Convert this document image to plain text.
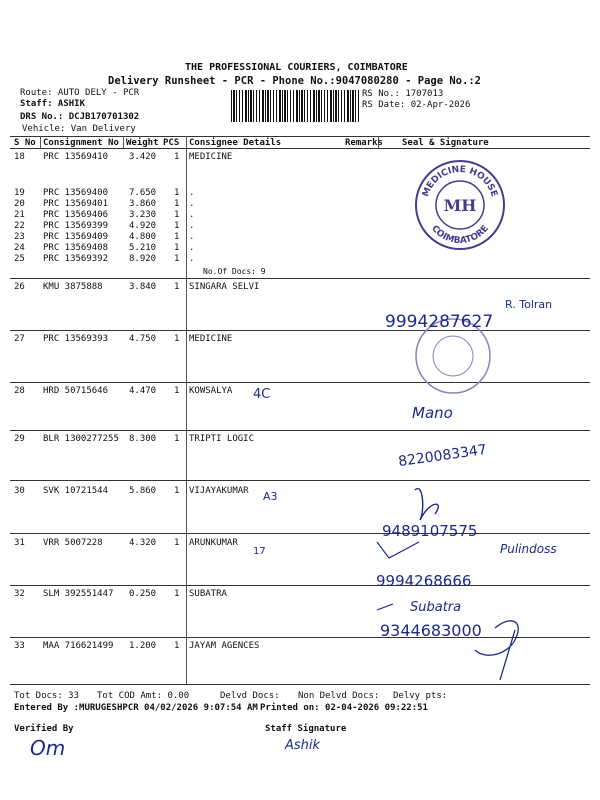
THE PROFESSIONAL COURIERS, COIMBATORE
Delivery Runsheet - PCR - Phone No.:9047080280 - Page No.:2
Route: AUTO DELY - PCR
Staff: ASHIK
DRS No.: DCJB170701302
Vehicle: Van Delivery
RS No.: 1707013
RS Date: 02-Apr-2026
S No Consignment No Weight PCS Consignee Details	Remarks Seal & Signature
18 PRC 13569410 3.420 1 MEDICINE
19 PRC 13569400 7.650 1 .
20 PRC 13569401 3.860 1 .
21 PRC 13569406 3.230 1 .
22 PRC 13569399 4.920 1 .
23 PRC 13569409 4.800 1 .
24 PRC 13569408 5.210 1 .
25 PRC 13569392 8.920 1 .
26 KMU 3875888	3.840 1 SINGARA SELVI
27 PRC 13569393 4.750 1 MEDICINE
28 HRD 50715646 4.470 1 KOWSALYA
29 BLR 1300277255 8.300 1 TRIPTI LOGIC
30 SVK 10721544 5.860 1 VIJAYAKUMAR
31 VRR 5007228	4.320 1 ARUNKUMAR
32 SLM 392551447 0.250 1 SUBATRA
33 MAA 716621499 1.200 1 JAYAM AGENCES
No.Of Docs: 9
MEDICINE HOUSE
COIMBATORE
MH
9994287627
R. Tolran
4C
Mano
8220083347
A3
9489107575
17	Pulindoss
9994268666
Subatra
9344683000
Om	Ashik
Tot Docs: 33 Tot COD Amt: 0.00	Delvd Docs: Non Delvd Docs: Delvy pts:
Entered By :MURUGESHPCR 04/02/2026 9:07:54 AM Printed on: 02-04-2026 09:22:51
Verified By	Staff Signature
